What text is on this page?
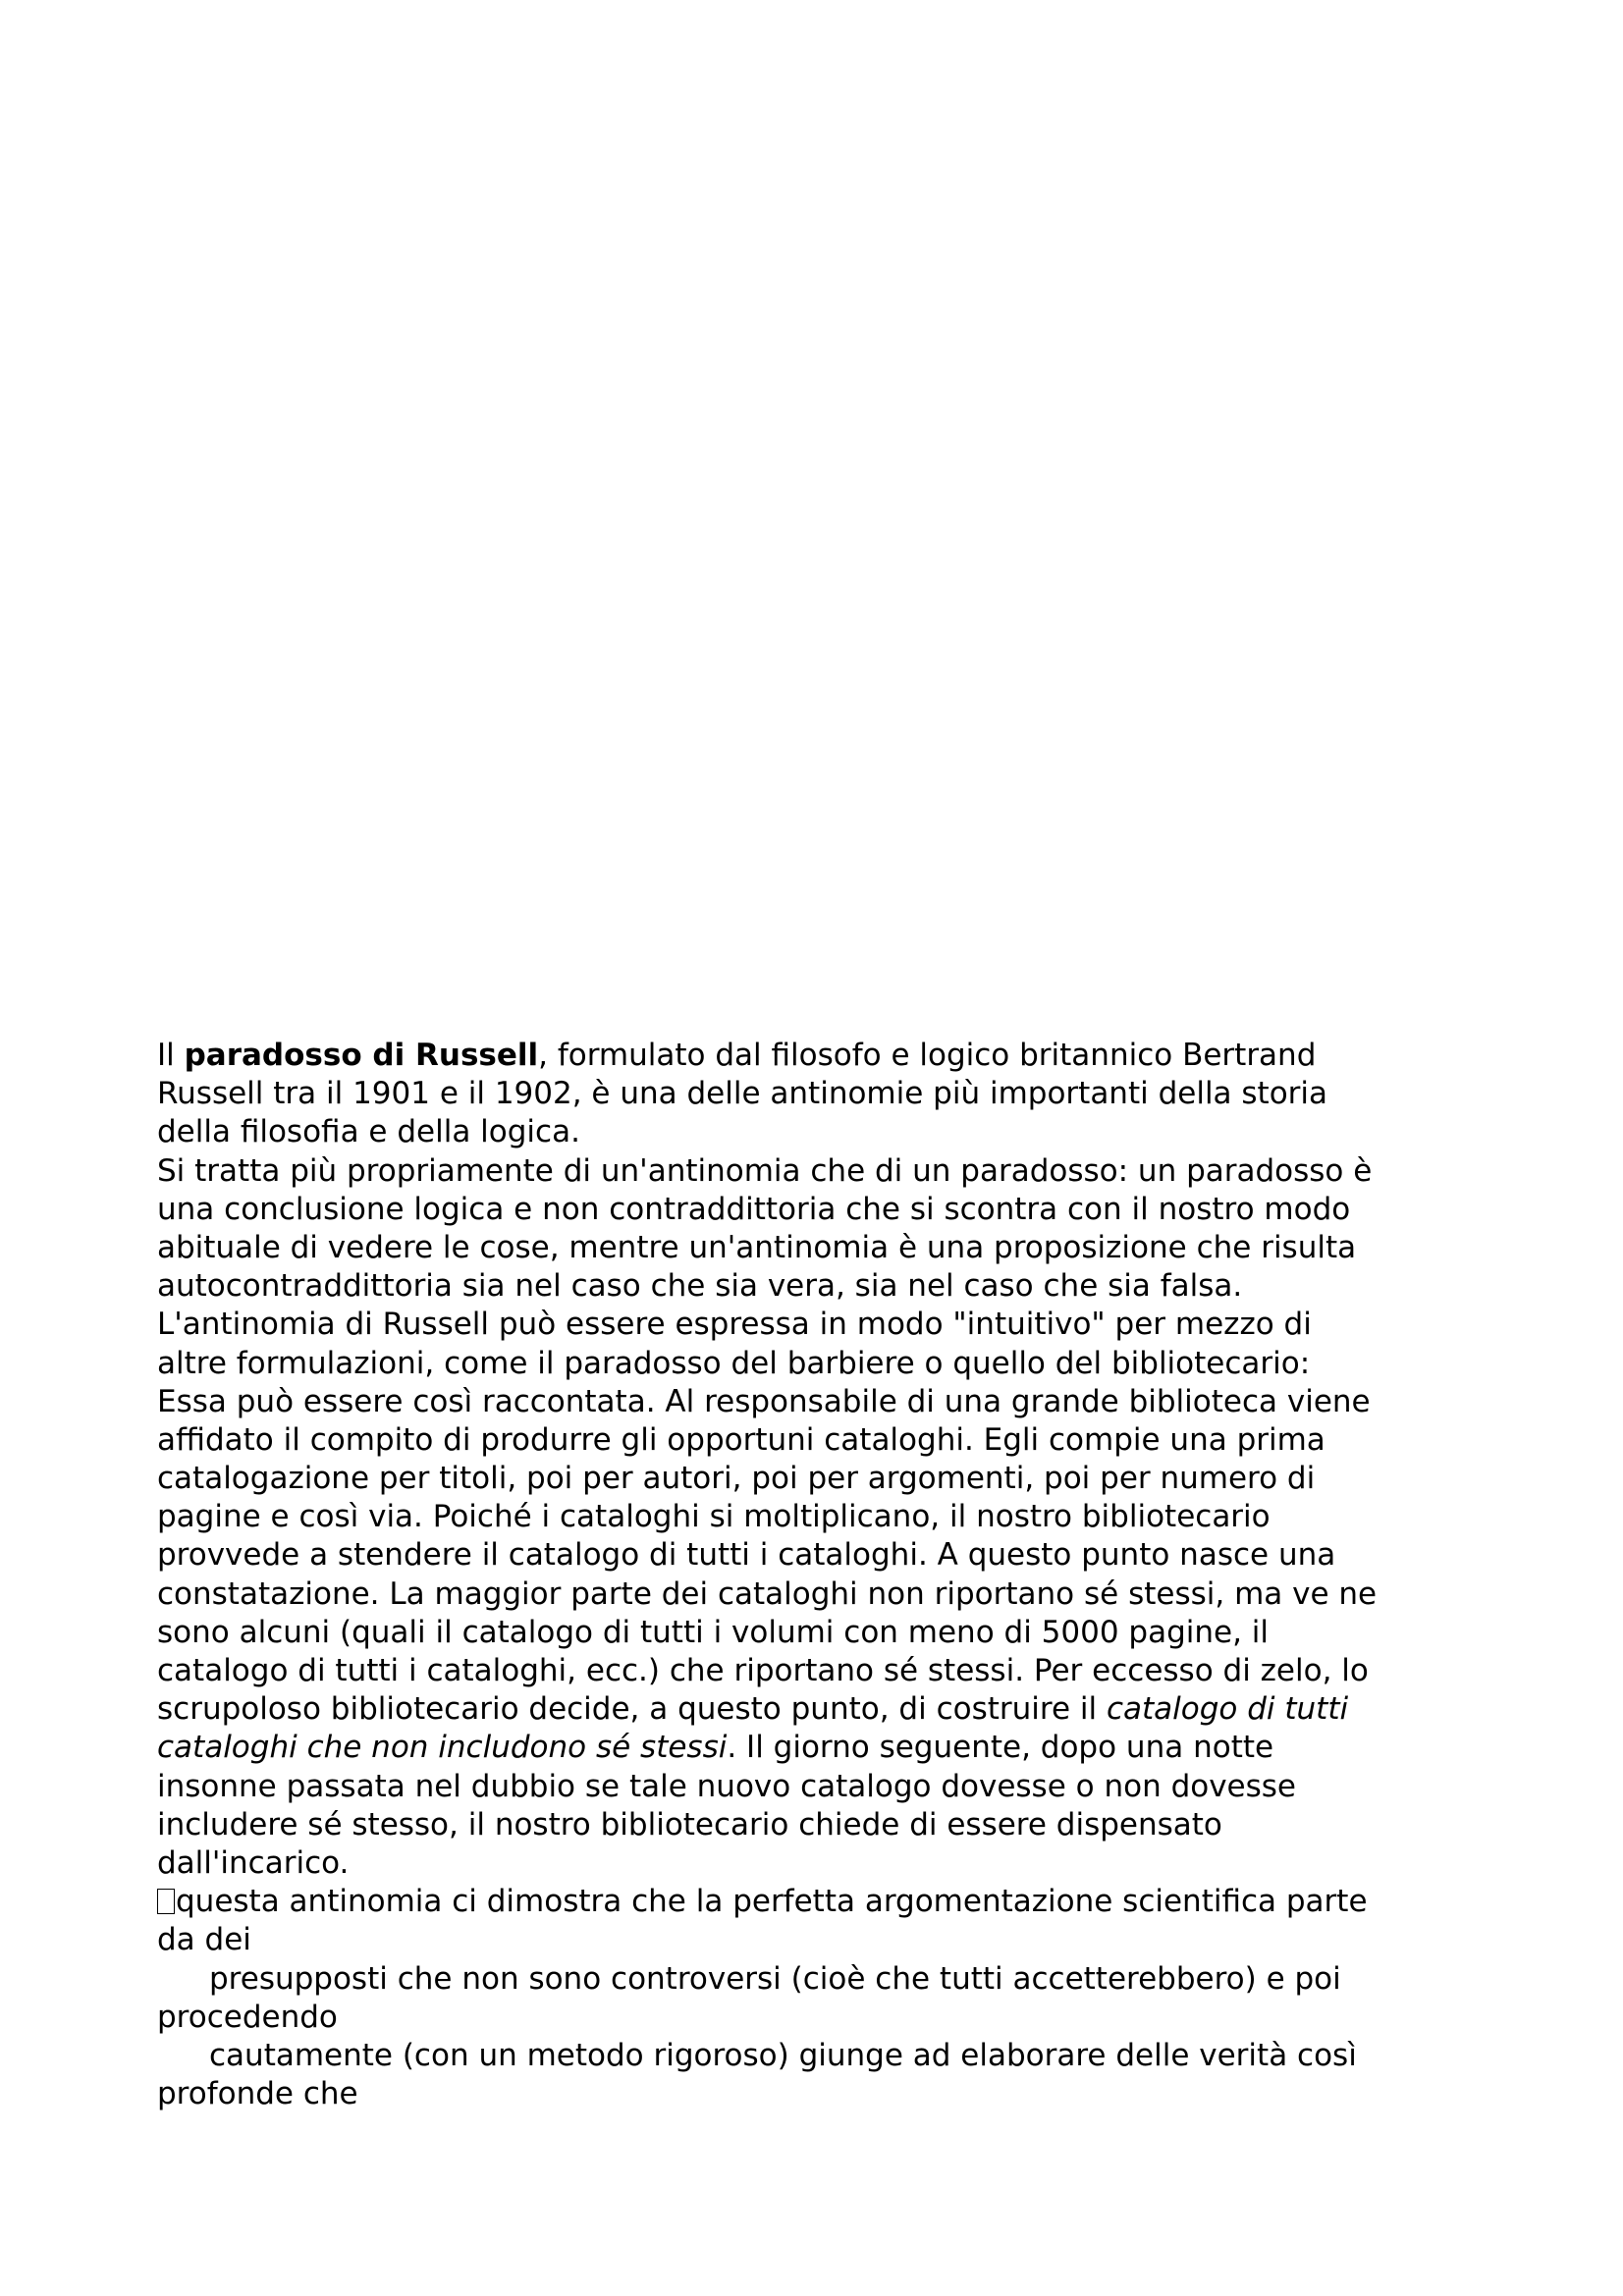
Il paradosso di Russell, formulato dal filosofo e logico britannico Bertrand
Russell tra il 1901 e il 1902, è una delle antinomie più importanti della storia
della filosofia e della logica.
Si tratta più propriamente di un'antinomia che di un paradosso: un paradosso è
una conclusione logica e non contraddittoria che si scontra con il nostro modo
abituale di vedere le cose, mentre un'antinomia è una proposizione che risulta
autocontraddittoria sia nel caso che sia vera, sia nel caso che sia falsa.
L'antinomia di Russell può essere espressa in modo "intuitivo" per mezzo di
altre formulazioni, come il paradosso del barbiere o quello del bibliotecario:
Essa può essere così raccontata. Al responsabile di una grande biblioteca viene
affidato il compito di produrre gli opportuni cataloghi. Egli compie una prima
catalogazione per titoli, poi per autori, poi per argomenti, poi per numero di
pagine e così via. Poiché i cataloghi si moltiplicano, il nostro bibliotecario
provvede a stendere il catalogo di tutti i cataloghi. A questo punto nasce una
constatazione. La maggior parte dei cataloghi non riportano sé stessi, ma ve ne
sono alcuni (quali il catalogo di tutti i volumi con meno di 5000 pagine, il
catalogo di tutti i cataloghi, ecc.) che riportano sé stessi. Per eccesso di zelo, lo
scrupoloso bibliotecario decide, a questo punto, di costruire il catalogo di tutti
cataloghi che non includono sé stessi. Il giorno seguente, dopo una notte
insonne passata nel dubbio se tale nuovo catalogo dovesse o non dovesse
includere sé stesso, il nostro bibliotecario chiede di essere dispensato
dall'incarico.
questa antinomia ci dimostra che la perfetta argomentazione scientifica parte
da dei
presupposti che non sono controversi (cioè che tutti accetterebbero) e poi
procedendo
cautamente (con un metodo rigoroso) giunge ad elaborare delle verità così
profonde che
